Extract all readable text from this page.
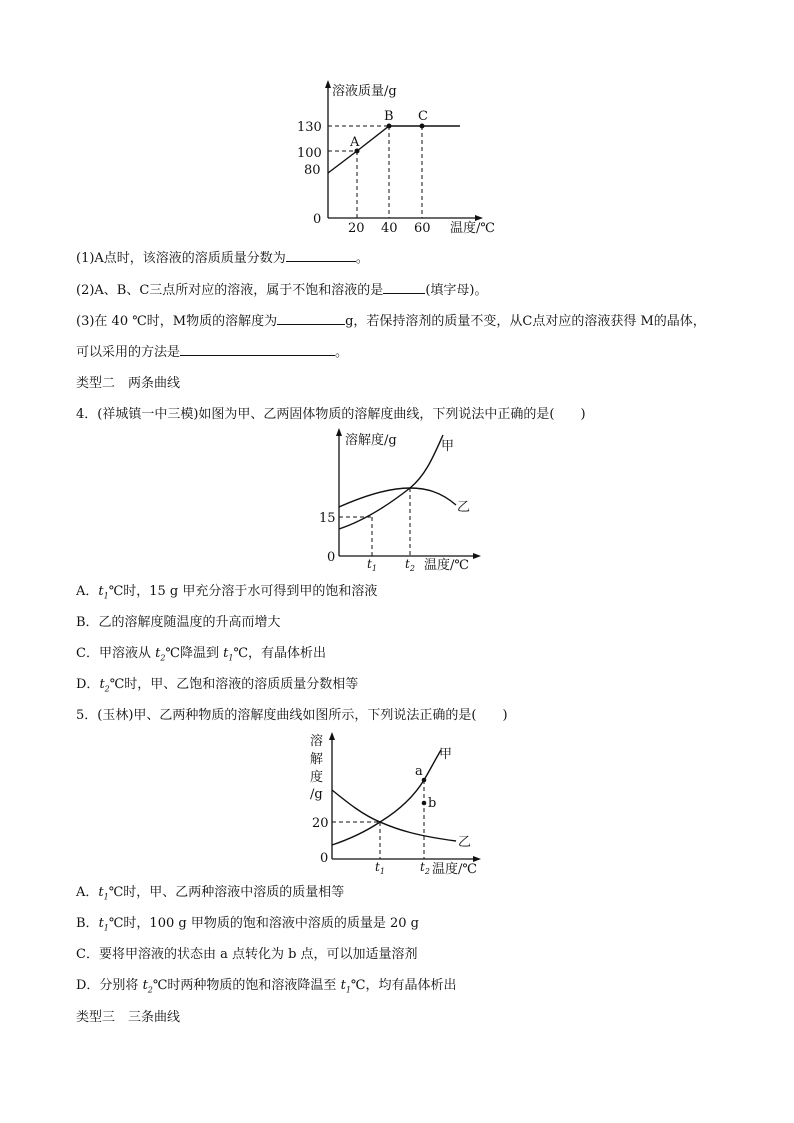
溶液质量/g
温度/℃
0
130
100
80
20 40 60
A
B C
(1)A点时，该溶液的溶质质量分数为	。
(2)A、B、C三点所对应的溶液，属于不饱和溶液的是	(填字母)。
(3)在 40 ℃时，M物质的溶解度为	g，若保持溶剂的质量不变，从C点对应的溶液获得 M的晶体，
可以采用的方法是	。
类型二　两条曲线
4．(祥城镇一中三模)如图为甲、乙两固体物质的溶解度曲线，下列说法中正确的是(　　)
溶解度/g
温度/℃
0
15
$t_1$ $t_2$
甲
乙
A．$t_1℃$时，15 g 甲充分溶于水可得到甲的饱和溶液
B．乙的溶解度随温度的升高而增大
C．甲溶液从 $t_2℃$降温到 $t_1℃$，有晶体析出
D．$t_2℃$时，甲、乙饱和溶液的溶质质量分数相等
5．(玉林)甲、乙两种物质的溶解度曲线如图所示，下列说法正确的是(　　)
溶
解
度
/g
温度/℃
0
20
$t_1$	$t_2$
a
b
甲
乙
A．$t_1℃$时，甲、乙两种溶液中溶质的质量相等
B．$t_1℃$时，100 g 甲物质的饱和溶液中溶质的质量是 20 g
C．要将甲溶液的状态由 a 点转化为 b 点，可以加适量溶剂
D．分别将 $t_2℃$时两种物质的饱和溶液降温至 $t_1℃$，均有晶体析出
类型三　三条曲线
